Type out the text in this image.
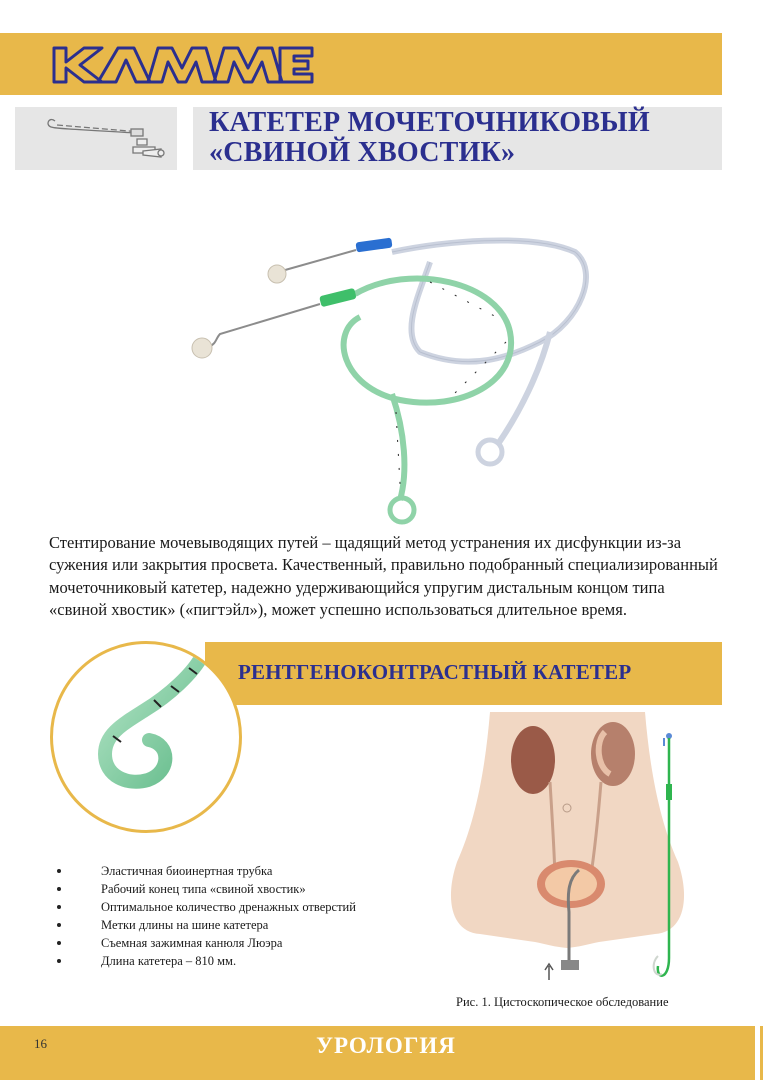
КАТЕТЕР МОЧЕТОЧНИКОВЫЙ
«СВИНОЙ ХВОСТИК»

Стентирование мочевыводящих путей – щадящий метод устранения их дисфункции из-за сужения или закрытия просвета. Качественный, правильно подобранный специализированный мочеточниковый катетер, надежно удерживающийся упругим дистальным концом типа «свиной хвостик» («пигтэйл»), может успешно использоваться длительное время.

РЕНТГЕНОКОНТРАСТНЫЙ КАТЕТЕР
Рис. 1. Цистоскопическое обследование
Эластичная биоинертная трубка
Рабочий конец типа «свиной хвостик»
Оптимальное количество дренажных отверстий
Метки длины на шине катетера
Съемная зажимная канюля Люэра
Длина катетера – 810 мм.
16	УРОЛОГИЯ
